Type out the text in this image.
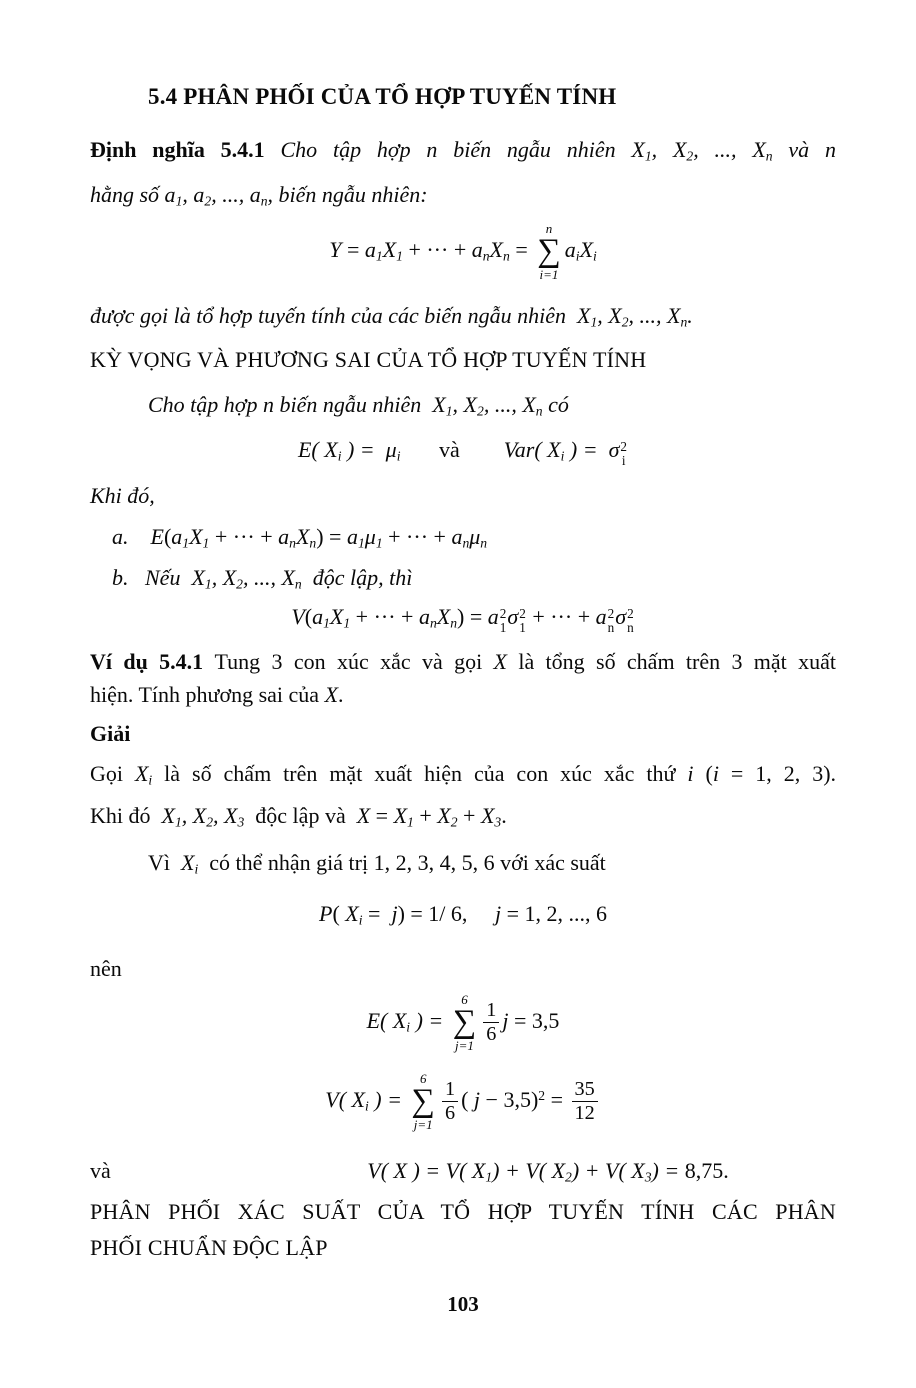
5.4 PHÂN PHỐI CỦA TỔ HỢP TUYẾN TÍNH
Định nghĩa 5.4.1 Cho tập hợp n biến ngẫu nhiên $X_1$, $X_2$, ..., $X_n$ và n
hằng số $a_1$, $a_2$, ..., $a_n$, biến ngẫu nhiên:
$Y = a_1X_1$ + ··· + $a_nX_n$ =
n
∑
i=1
$a_iX_i$
được gọi là tổ hợp tuyến tính của các biến ngẫu nhiên  $X_1$, $X_2$, ..., $X_n$.
KỲ VỌNG VÀ PHƯƠNG SAI CỦA TỔ HỢP TUYẾN TÍNH
Cho tập hợp n biến ngẫu nhiên  $X_1$, $X_2$, ..., $X_n$ có
E( $X_i$ ) =  $\mu_i$       và        Var( $X_i$ ) =  σ 2
i
Khi đó,
a.    $E(a_1X_1$ + ··· + $a_nX_n) = a_1\mu_1$ + ··· + $a_n\mu_n$
b.   Nếu  $X_1$, $X_2$, ..., $X_n$  độc lập, thì
$V(a_1X_1$ + ··· + $a_nX_n) = a$ 2
1 σ 2
1 + ··· + a 2
n σ 2
n
Ví dụ 5.4.1 Tung 3 con xúc xắc và gọi X là tổng số chấm trên 3 mặt xuất
hiện. Tính phương sai của X.
Giải
Gọi $X_i$ là số chấm trên mặt xuất hiện của con xúc xắc thứ i (i = 1, 2, 3).
Khi đó  $X_1$, $X_2$, $X_3$  độc lập và  $X = X_1 + X_2 + X_3$.
Vì  $X_i$  có thể nhận giá trị 1, 2, 3, 4, 5, 6 với xác suất
P( $X_i = j) = 1/$ 6,     j = 1, 2, ..., 6
nên
E( $X_i$ ) =
6
∑
$j=1 \frac{1}{6}$ j = 3,5
V( $X_i$ ) =
6
∑
$j=1 \frac{1}{6}$ ( $j - 3,5)^2 = \frac{35}{12}$
và	V( X ) = V( $X_1) + V$( $X_2) + V$( $X_3) = 8,75$.
PHÂN PHỐI XÁC SUẤT CỦA TỔ HỢP TUYẾN TÍNH CÁC PHÂN
PHỐI CHUẨN ĐỘC LẬP
103
